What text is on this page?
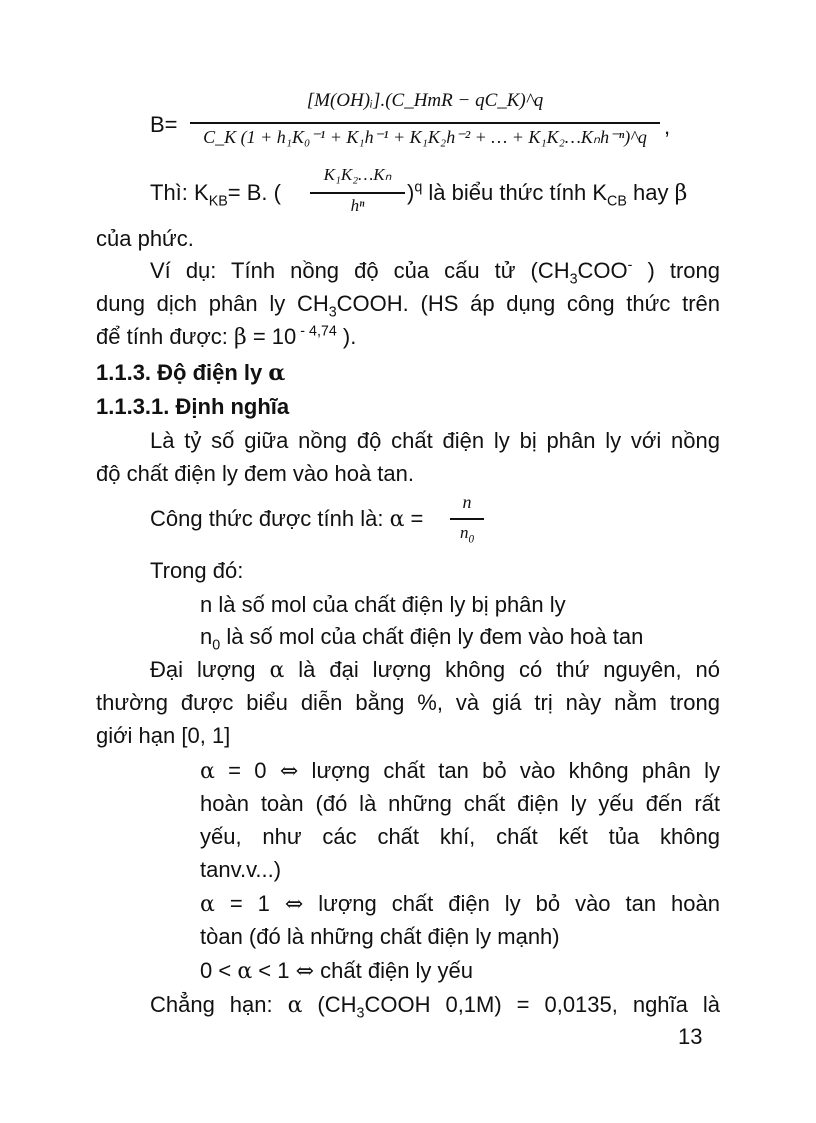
B=
[M(OH)ᵢ].(C_HmR − qC_K)^q
C_K (1 + h₁K₀⁻¹ + K₁h⁻¹ + K₁K₂h⁻² + … + K₁K₂…Kₙh⁻ⁿ)^q ,
Thì: $K_{KB}= B$. (
K₁K₂…Kₙ
hⁿ
)$^q$ là biểu thức tính $K_{CB}$ hay β
của phức.
Ví dụ: Tính nồng độ của cấu tử ($CH_3COO^-$ ) trong
dung dịch phân ly $CH_3COOH$. (HS áp dụng công thức trên
để tính được: β = 10 $^{- 4,74}$ ).
1.1.3. Độ điện ly α
1.1.3.1. Định nghĩa
Là tỷ số giữa nồng độ chất điện ly bị phân ly với nồng
độ chất điện ly đem vào hoà tan.
Công thức được tính là: α =
n
$n_0$
Trong đó:
n là số mol của chất điện ly bị phân ly
$n_0$ là số mol của chất điện ly đem vào hoà tan
Đại lượng α là đại lượng không có thứ nguyên, nó
thường được biểu diễn bằng %, và giá trị này nằm trong
giới hạn [0, 1]
α = 0 ⇔ lượng chất tan bỏ vào không phân ly
hoàn toàn (đó là những chất điện ly yếu đến rất
yếu, như các chất khí, chất kết tủa không
tanv.v...)
α = 1 ⇔ lượng chất điện ly bỏ vào tan hoàn
tòan (đó là những chất điện ly mạnh)
0 < α < 1 ⇔ chất điện ly yếu
Chẳng hạn: α ($CH_3COOH$ 0,1M) = 0,0135, nghĩa là
13
